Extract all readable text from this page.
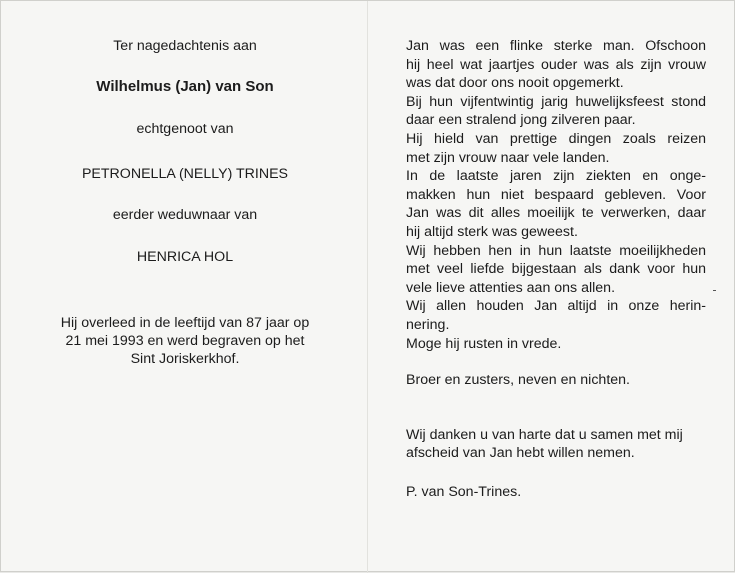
Ter nagedachtenis aan
Wilhelmus (Jan) van Son
echtgenoot van
PETRONELLA (NELLY) TRINES
eerder weduwnaar van
HENRICA HOL
Hij overleed in de leeftijd van 87 jaar op
21 mei 1993 en werd begraven op het
Sint Joriskerkhof.
Jan was een flinke sterke man. Ofschoon
hij heel wat jaartjes ouder was als zijn vrouw
was dat door ons nooit opgemerkt.
Bij hun vijfentwintig jarig huwelijksfeest stond
daar een stralend jong zilveren paar.
Hij hield van prettige dingen zoals reizen
met zijn vrouw naar vele landen.
In de laatste jaren zijn ziekten en onge-
makken hun niet bespaard gebleven. Voor
Jan was dit alles moeilijk te verwerken, daar
hij altijd sterk was geweest.
Wij hebben hen in hun laatste moeilijkheden
met veel liefde bijgestaan als dank voor hun
vele lieve attenties aan ons allen.
Wij allen houden Jan altijd in onze herin-
nering.
Moge hij rusten in vrede.
Broer en zusters, neven en nichten.
Wij danken u van harte dat u samen met mij
afscheid van Jan hebt willen nemen.
P. van Son-Trines.
